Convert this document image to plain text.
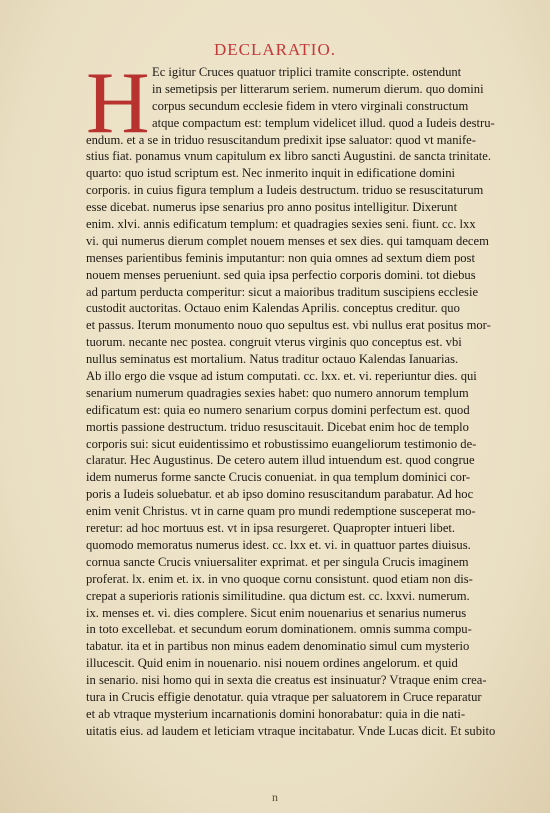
DECLARATIO.
H Ec igitur Cruces quatuor triplici tramite conscripte. ostendunt
in semetipsis per litterarum seriem. numerum dierum. quo domini
corpus secundum ecclesie fidem in vtero virginali constructum
atque compactum est: templum videlicet illud. quod a Iudeis destru-
endum. et a se in triduo resuscitandum predixit ipse saluator: quod vt manife-
stius fiat. ponamus vnum capitulum ex libro sancti Augustini. de sancta trinitate.
quarto: quo istud scriptum est. Nec inmerito inquit in edificatione domini
corporis. in cuius figura templum a Iudeis destructum. triduo se resuscitaturum
esse dicebat. numerus ipse senarius pro anno positus intelligitur. Dixerunt
enim. xlvi. annis edificatum templum: et quadragies sexies seni. fiunt. cc. lxx
vi. qui numerus dierum complet nouem menses et sex dies. qui tamquam decem
menses parientibus feminis imputantur: non quia omnes ad sextum diem post
nouem menses perueniunt. sed quia ipsa perfectio corporis domini. tot diebus
ad partum perducta comperitur: sicut a maioribus traditum suscipiens ecclesie
custodit auctoritas. Octauo enim Kalendas Aprilis. conceptus creditur. quo
et passus. Iterum monumento nouo quo sepultus est. vbi nullus erat positus mor-
tuorum. necante nec postea. congruit vterus virginis quo conceptus est. vbi
nullus seminatus est mortalium. Natus traditur octauo Kalendas Ianuarias.
Ab illo ergo die vsque ad istum computati. cc. lxx. et. vi. reperiuntur dies. qui
senarium numerum quadragies sexies habet: quo numero annorum templum
edificatum est: quia eo numero senarium corpus domini perfectum est. quod
mortis passione destructum. triduo resuscitauit. Dicebat enim hoc de templo
corporis sui: sicut euidentissimo et robustissimo euangeliorum testimonio de-
claratur. Hec Augustinus. De cetero autem illud intuendum est. quod congrue
idem numerus forme sancte Crucis conueniat. in qua templum dominici cor-
poris a Iudeis soluebatur. et ab ipso domino resuscitandum parabatur. Ad hoc
enim venit Christus. vt in carne quam pro mundi redemptione susceperat mo-
reretur: ad hoc mortuus est. vt in ipsa resurgeret. Quapropter intueri libet.
quomodo memoratus numerus idest. cc. lxx et. vi. in quattuor partes diuisus.
cornua sancte Crucis vniuersaliter exprimat. et per singula Crucis imaginem
proferat. lx. enim et. ix. in vno quoque cornu consistunt. quod etiam non dis-
crepat a superioris rationis similitudine. qua dictum est. cc. lxxvi. numerum.
ix. menses et. vi. dies complere. Sicut enim nouenarius et senarius numerus
in toto excellebat. et secundum eorum dominationem. omnis summa compu-
tabatur. ita et in partibus non minus eadem denominatio simul cum mysterio
illucescit. Quid enim in nouenario. nisi nouem ordines angelorum. et quid
in senario. nisi homo qui in sexta die creatus est insinuatur? Vtraque enim crea-
tura in Crucis effigie denotatur. quia vtraque per saluatorem in Cruce reparatur
et ab vtraque mysterium incarnationis domini honorabatur: quia in die nati-
uitatis eius. ad laudem et leticiam vtraque incitabatur. Vnde Lucas dicit. Et subito
n
